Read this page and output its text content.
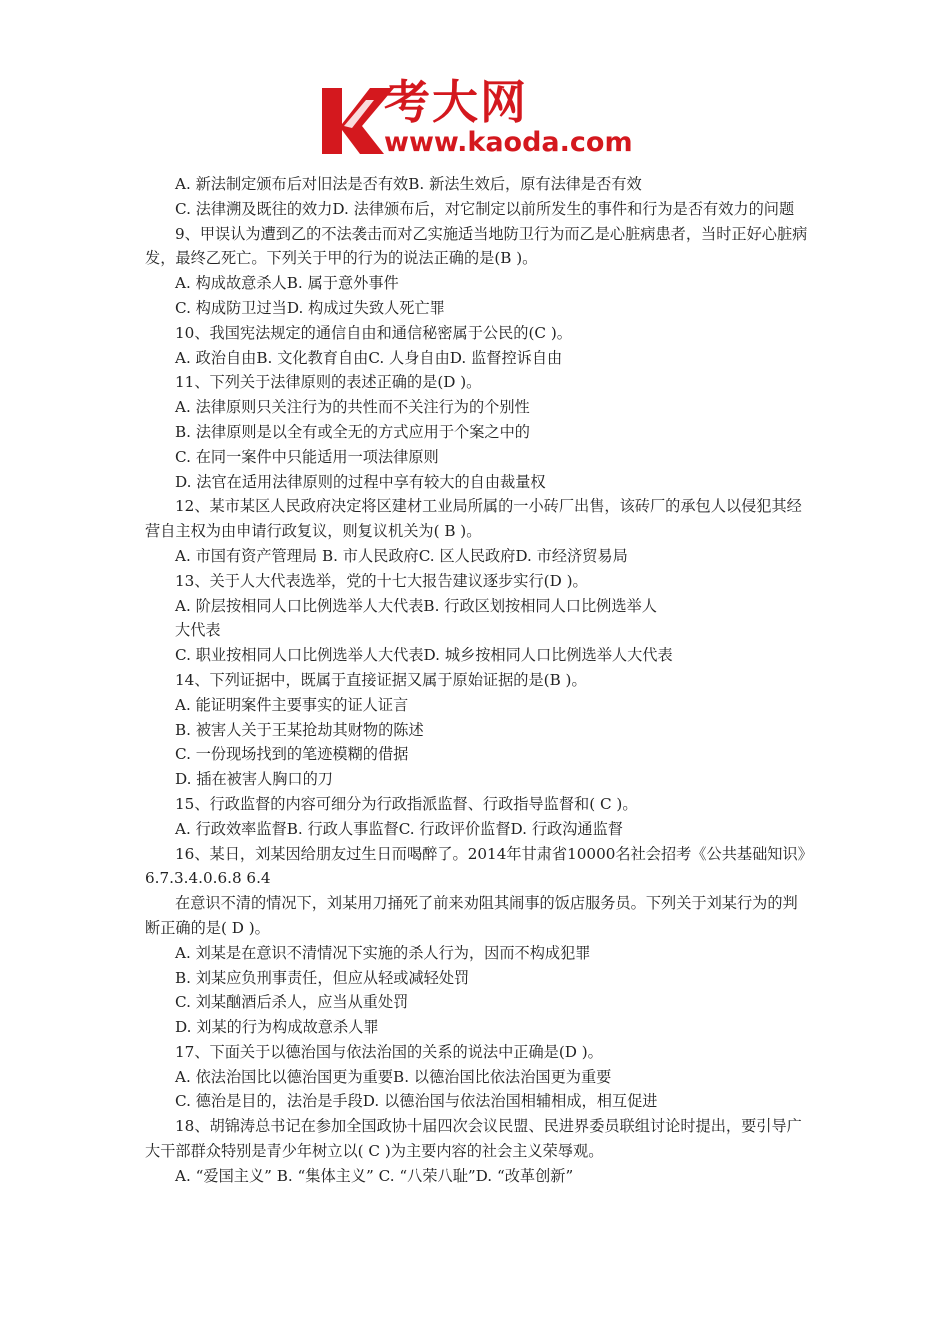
考大网
www.kaoda.com

A. 新法制定颁布后对旧法是否有效B. 新法生效后，原有法律是否有效

C. 法律溯及既往的效力D. 法律颁布后，对它制定以前所发生的事件和行为是否有效力的问题

9、甲误认为遭到乙的不法袭击而对乙实施适当地防卫行为而乙是心脏病患者，当时正好心脏病发，最终乙死亡。下列关于甲的行为的说法正确的是(B )。

A. 构成故意杀人B. 属于意外事件

C. 构成防卫过当D. 构成过失致人死亡罪

10、我国宪法规定的通信自由和通信秘密属于公民的(C )。

A. 政治自由B. 文化教育自由C. 人身自由D. 监督控诉自由

11、下列关于法律原则的表述正确的是(D )。

A. 法律原则只关注行为的共性而不关注行为的个别性

B. 法律原则是以全有或全无的方式应用于个案之中的

C. 在同一案件中只能适用一项法律原则

D. 法官在适用法律原则的过程中享有较大的自由裁量权

12、某市某区人民政府决定将区建材工业局所属的一小砖厂出售，该砖厂的承包人以侵犯其经营自主权为由申请行政复议，则复议机关为( B )。

A. 市国有资产管理局 B. 市人民政府C. 区人民政府D. 市经济贸易局

13、关于人大代表选举，党的十七大报告建议逐步实行(D )。

A. 阶层按相同人口比例选举人大代表B. 行政区划按相同人口比例选举人

大代表

C. 职业按相同人口比例选举人大代表D. 城乡按相同人口比例选举人大代表

14、下列证据中，既属于直接证据又属于原始证据的是(B )。

A. 能证明案件主要事实的证人证言

B. 被害人关于王某抢劫其财物的陈述

C. 一份现场找到的笔迹模糊的借据

D. 插在被害人胸口的刀

15、行政监督的内容可细分为行政指派监督、行政指导监督和( C )。

A. 行政效率监督B. 行政人事监督C. 行政评价监督D. 行政沟通监督

16、某日，刘某因给朋友过生日而喝醉了。2014年甘肃省10000名社会招考《公共基础知识》6.7.3.4.0.6.8 6.4

在意识不清的情况下，刘某用刀捅死了前来劝阻其闹事的饭店服务员。下列关于刘某行为的判断正确的是( D )。

A. 刘某是在意识不清情况下实施的杀人行为，因而不构成犯罪

B. 刘某应负刑事责任，但应从轻或减轻处罚

C. 刘某酗酒后杀人，应当从重处罚

D. 刘某的行为构成故意杀人罪

17、下面关于以德治国与依法治国的关系的说法中正确是(D )。

A. 依法治国比以德治国更为重要B. 以德治国比依法治国更为重要

C. 德治是目的，法治是手段D. 以德治国与依法治国相辅相成，相互促进

18、胡锦涛总书记在参加全国政协十届四次会议民盟、民进界委员联组讨论时提出，要引导广大干部群众特别是青少年树立以( C )为主要内容的社会主义荣辱观。

A. “爱国主义” B. “集体主义” C. “八荣八耻”D. “改革创新”
